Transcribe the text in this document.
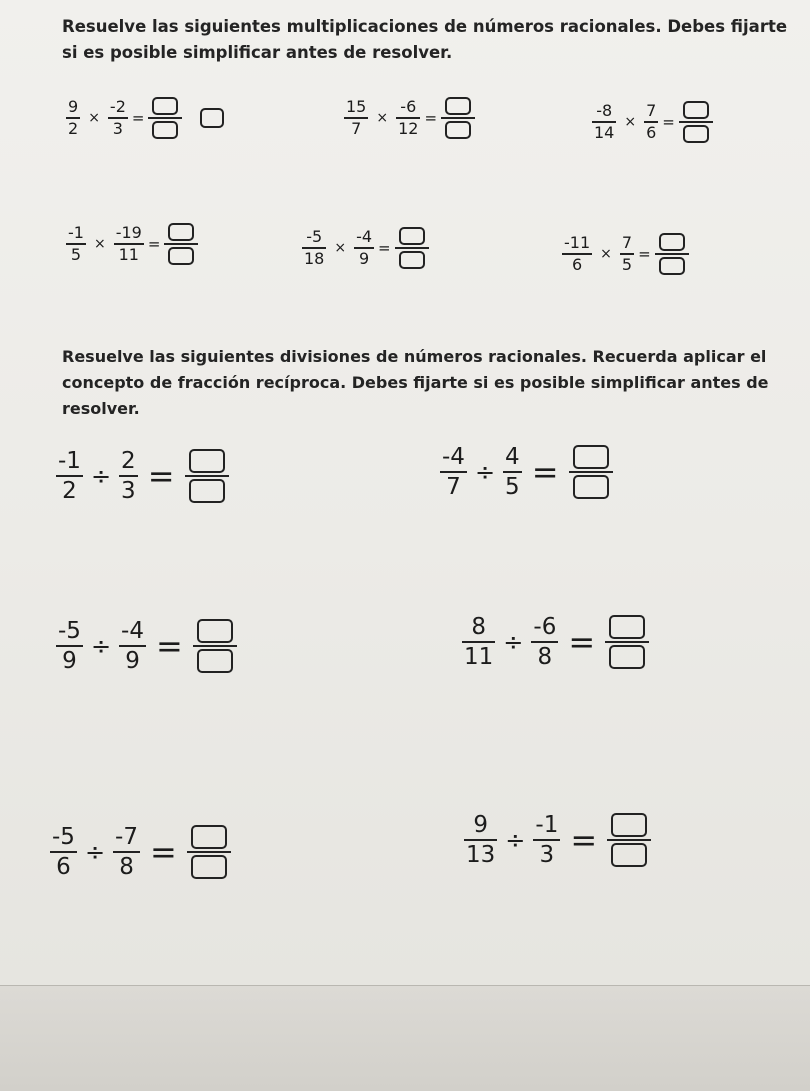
Resuelve las siguientes multiplicaciones de números racionales. Debes fijarte si es posible simplificar antes de resolver.

$\frac{9}{2} \times \frac{-2}{3}$ =	$\frac{15}{7} \times \frac{-6}{12}$ =	$\frac{-8}{14} \times \frac{7}{6}$ =
$\frac{-1}{5} \times \frac{-19}{11}$ =	$\frac{-5}{18} \times \frac{-4}{9}$ =	$\frac{-11}{6} \times \frac{7}{5}$ =

Resuelve las siguientes divisiones de números racionales. Recuerda aplicar el concepto de fracción recíproca. Debes fijarte si es posible simplificar antes de resolver.

$\frac{-1}{2} \div \frac{2}{3}$ =	$\frac{-4}{7} \div \frac{4}{5}$ =
$\frac{-5}{9} \div \frac{-4}{9}$ =	$\frac{8}{11} \div \frac{-6}{8}$ =
$\frac{-5}{6} \div \frac{-7}{8}$ =	$\frac{9}{13} \div \frac{-1}{3}$ =
